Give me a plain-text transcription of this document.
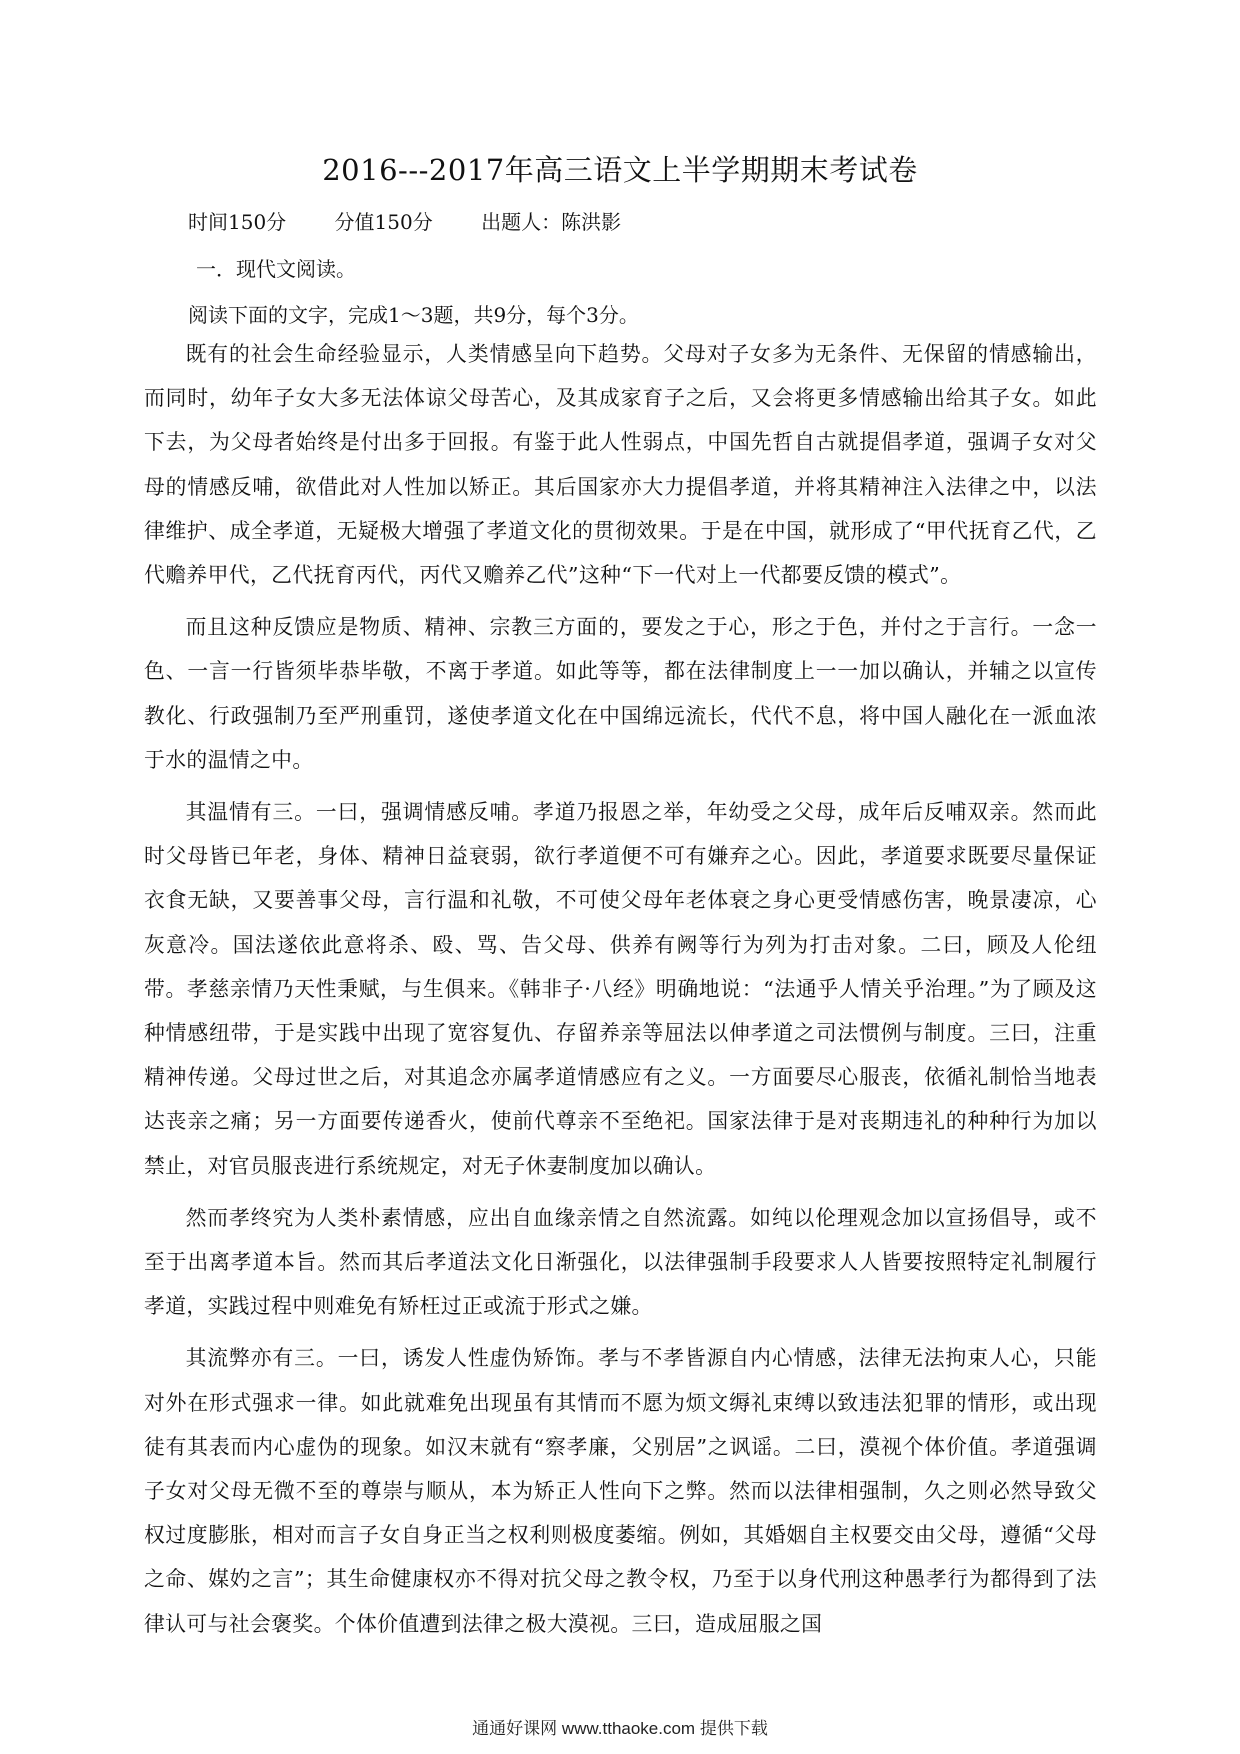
2016---2017年高三语文上半学期期末考试卷
时间150分 分值150分 出题人：陈洪影
一．现代文阅读。
阅读下面的文字，完成1～3题，共9分，每个3分。

既有的社会生命经验显示，人类情感呈向下趋势。父母对子女多为无条件、无保留的情感输出，而同时，幼年子女大多无法体谅父母苦心，及其成家育子之后，又会将更多情感输出给其子女。如此下去，为父母者始终是付出多于回报。有鉴于此人性弱点，中国先哲自古就提倡孝道，强调子女对父母的情感反哺，欲借此对人性加以矫正。其后国家亦大力提倡孝道，并将其精神注入法律之中，以法律维护、成全孝道，无疑极大增强了孝道文化的贯彻效果。于是在中国，就形成了“甲代抚育乙代，乙代赡养甲代，乙代抚育丙代，丙代又赡养乙代”这种“下一代对上一代都要反馈的模式”。

而且这种反馈应是物质、精神、宗教三方面的，要发之于心，形之于色，并付之于言行。一念一色、一言一行皆须毕恭毕敬，不离于孝道。如此等等，都在法律制度上一一加以确认，并辅之以宣传教化、行政强制乃至严刑重罚，遂使孝道文化在中国绵远流长，代代不息，将中国人融化在一派血浓于水的温情之中。

其温情有三。一曰，强调情感反哺。孝道乃报恩之举，年幼受之父母，成年后反哺双亲。然而此时父母皆已年老，身体、精神日益衰弱，欲行孝道便不可有嫌弃之心。因此，孝道要求既要尽量保证衣食无缺，又要善事父母，言行温和礼敬，不可使父母年老体衰之身心更受情感伤害，晚景凄凉，心灰意冷。国法遂依此意将杀、殴、骂、告父母、供养有阙等行为列为打击对象。二曰，顾及人伦纽带。孝慈亲情乃天性秉赋，与生俱来。《韩非子·八经》明确地说：“法通乎人情关乎治理。”为了顾及这种情感纽带，于是实践中出现了宽容复仇、存留养亲等屈法以伸孝道之司法惯例与制度。三曰，注重精神传递。父母过世之后，对其追念亦属孝道情感应有之义。一方面要尽心服丧，依循礼制恰当地表达丧亲之痛；另一方面要传递香火，使前代尊亲不至绝祀。国家法律于是对丧期违礼的种种行为加以禁止，对官员服丧进行系统规定，对无子休妻制度加以确认。

然而孝终究为人类朴素情感，应出自血缘亲情之自然流露。如纯以伦理观念加以宣扬倡导，或不至于出离孝道本旨。然而其后孝道法文化日渐强化，以法律强制手段要求人人皆要按照特定礼制履行孝道，实践过程中则难免有矫枉过正或流于形式之嫌。

其流弊亦有三。一曰，诱发人性虚伪矫饰。孝与不孝皆源自内心情感，法律无法拘束人心，只能对外在形式强求一律。如此就难免出现虽有其情而不愿为烦文缛礼束缚以致违法犯罪的情形，或出现徒有其表而内心虚伪的现象。如汉末就有“察孝廉，父别居”之讽谣。二曰，漠视个体价值。孝道强调子女对父母无微不至的尊崇与顺从，本为矫正人性向下之弊。然而以法律相强制，久之则必然导致父权过度膨胀，相对而言子女自身正当之权利则极度萎缩。例如，其婚姻自主权要交由父母，遵循“父母之命、媒妁之言”；其生命健康权亦不得对抗父母之教令权，乃至于以身代刑这种愚孝行为都得到了法律认可与社会褒奖。个体价值遭到法律之极大漠视。三曰，造成屈服之国

通通好课网 www.tthaoke.com 提供下载
